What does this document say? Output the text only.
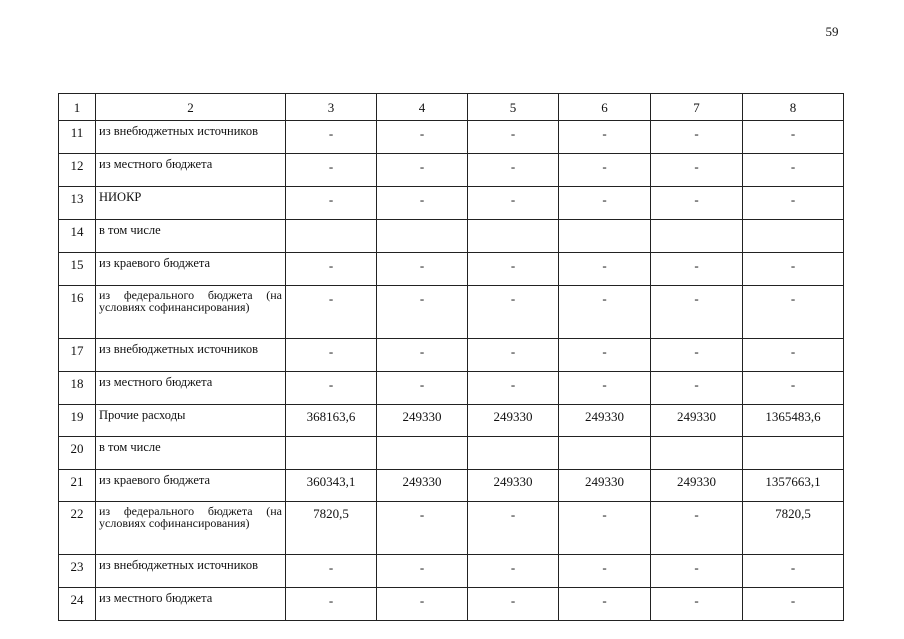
59
1	2	3	4	5	6	7	8
11	из внебюджетных источников	-	-	-	-	-	-
12	из местного бюджета	-	-	-	-	-	-
13	НИОКР	-	-	-	-	-	-
14	в том числе						
15	из краевого бюджета	-	-	-	-	-	-
16	из федерального бюджета (на условиях софинансирования)	-	-	-	-	-	-
17	из внебюджетных источников	-	-	-	-	-	-
18	из местного бюджета	-	-	-	-	-	-
19	Прочие расходы	368163,6	249330	249330	249330	249330	1365483,6
20	в том числе						
21	из краевого бюджета	360343,1	249330	249330	249330	249330	1357663,1
22	из федерального бюджета (на условиях софинансирования)	7820,5	-	-	-	-	7820,5
23	из внебюджетных источников	-	-	-	-	-	-
24	из местного бюджета	-	-	-	-	-	-
